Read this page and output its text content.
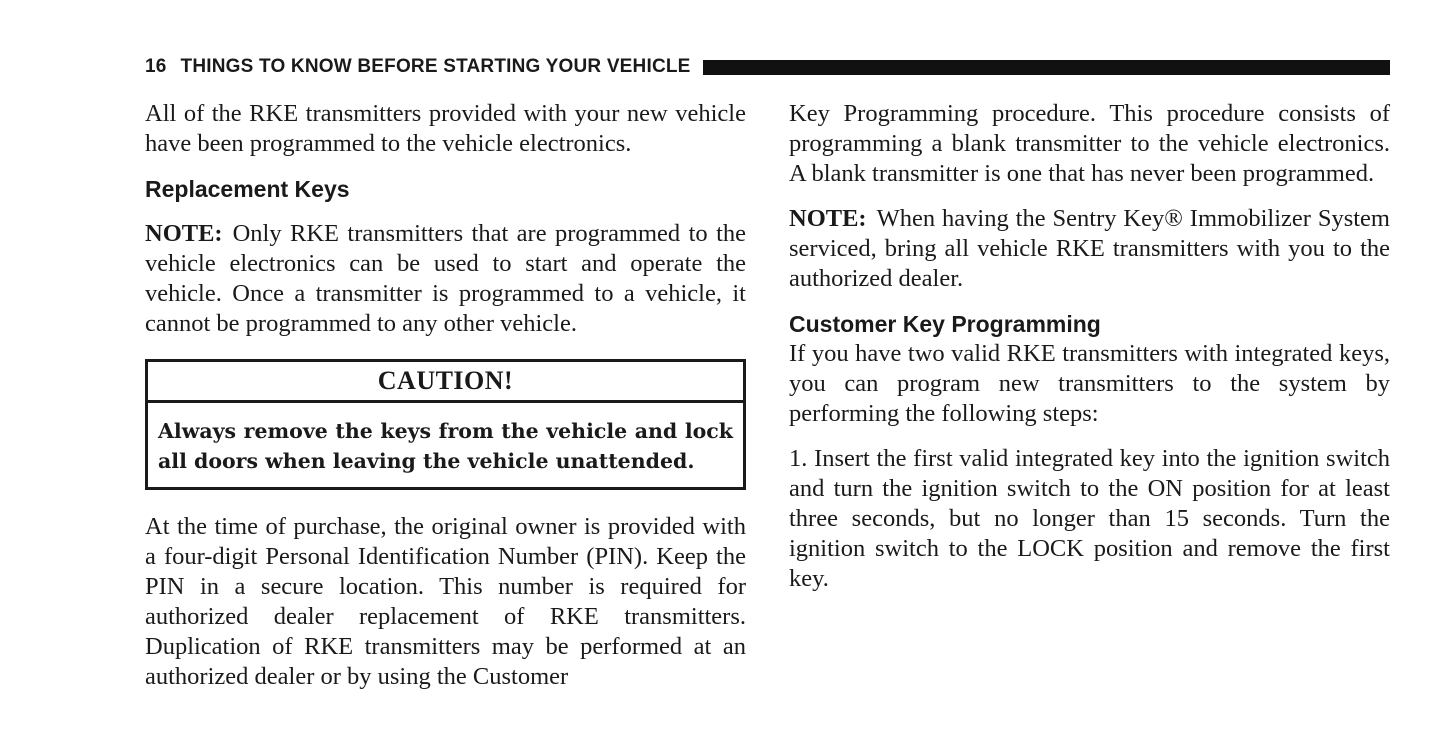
16 THINGS TO KNOW BEFORE STARTING YOUR VEHICLE

All of the RKE transmitters provided with your new vehicle have been programmed to the vehicle electronics.

Replacement Keys

NOTE: Only RKE transmitters that are programmed to the vehicle electronics can be used to start and operate the vehicle. Once a transmitter is programmed to a vehicle, it cannot be programmed to any other vehicle.

CAUTION!
Always remove the keys from the vehicle and lock all doors when leaving the vehicle unattended.

At the time of purchase, the original owner is provided with a four-digit Personal Identification Number (PIN). Keep the PIN in a secure location. This number is required for authorized dealer replacement of RKE transmitters. Duplication of RKE transmitters may be performed at an authorized dealer or by using the Customer

Key Programming procedure. This procedure consists of programming a blank transmitter to the vehicle electronics. A blank transmitter is one that has never been programmed.

NOTE: When having the Sentry Key® Immobilizer System serviced, bring all vehicle RKE transmitters with you to the authorized dealer.

Customer Key Programming

If you have two valid RKE transmitters with integrated keys, you can program new transmitters to the system by performing the following steps:

1. Insert the first valid integrated key into the ignition switch and turn the ignition switch to the ON position for at least three seconds, but no longer than 15 seconds. Turn the ignition switch to the LOCK position and remove the first key.
